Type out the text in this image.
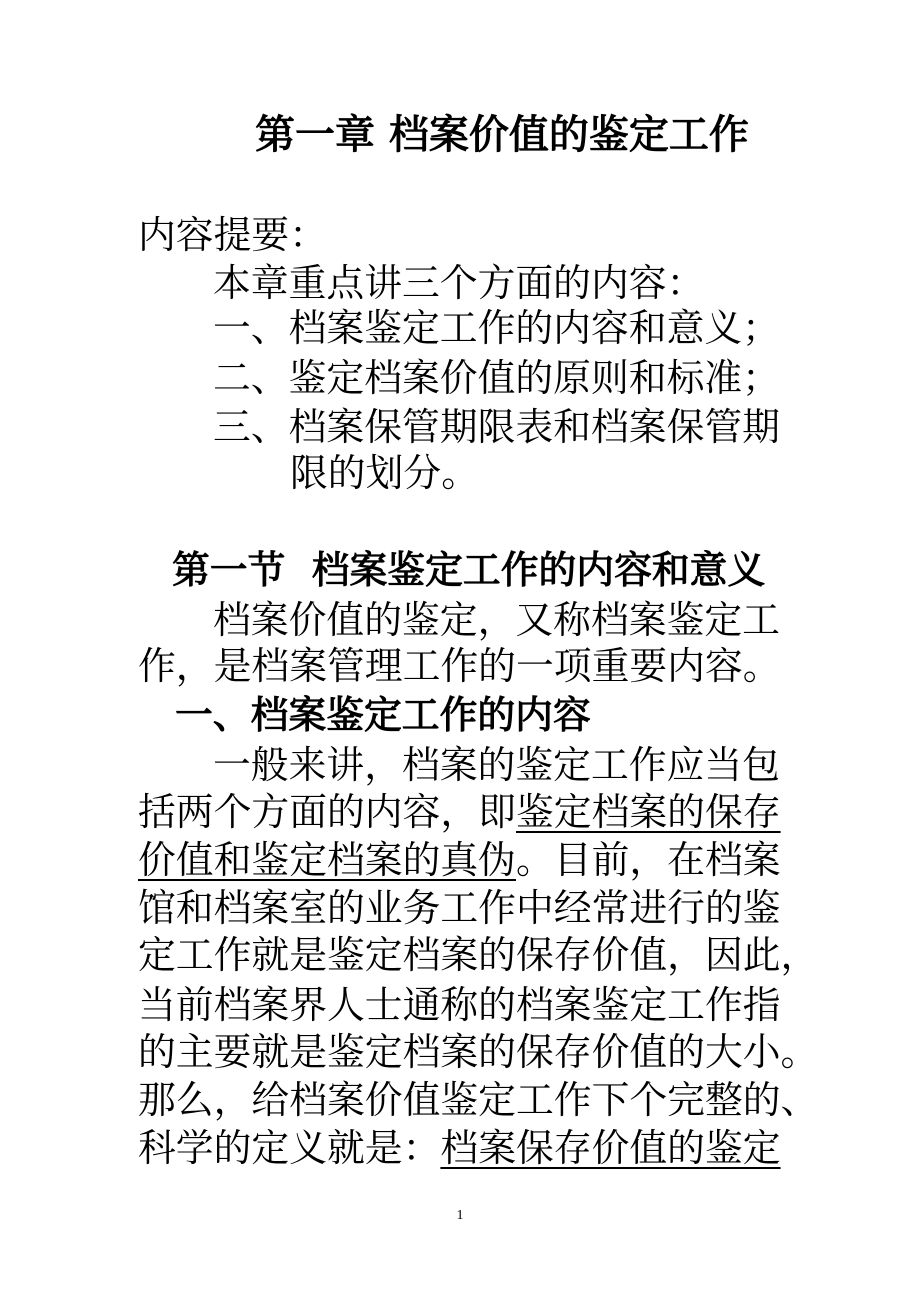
第一章 档案价值的鉴定工作
内容提要：
本章重点讲三个方面的内容：
一、档案鉴定工作的内容和意义；
二、鉴定档案价值的原则和标准；
三、档案保管期限表和档案保管期
限的划分。
第一节  档案鉴定工作的内容和意义
档案价值的鉴定，又称档案鉴定工
作，是档案管理工作的一项重要内容。
一、档案鉴定工作的内容
一般来讲，档案的鉴定工作应当包
括两个方面的内容，即鉴定档案的保存
价值和鉴定档案的真伪。目前，在档案
馆和档案室的业务工作中经常进行的鉴
定工作就是鉴定档案的保存价值，因此，
当前档案界人士通称的档案鉴定工作指
的主要就是鉴定档案的保存价值的大小。
那么，给档案价值鉴定工作下个完整的、
科学的定义就是：档案保存价值的鉴定
1
